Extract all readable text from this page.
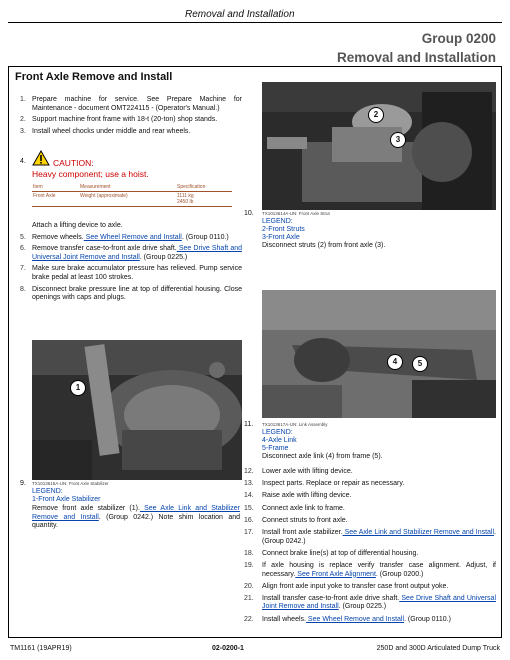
Removal and Installation
Group 0200
Removal and Installation
Front Axle Remove and Install
1. Prepare machine for service. See Prepare Machine for Maintenance - document OMT224115 - (Operator's Manual.)
2. Support machine front frame with 18-t (20-ton) shop stands.
3. Install wheel chocks under middle and rear wheels.
4.	CAUTION:
Heavy component; use a hoist.
Item	Measurement	Specification
Front Axle	Weight (approximate)	1111 kg
2450 lb
Attach a lifting device to axle.
5. Remove wheels. See Wheel Remove and Install. (Group 0110.)
6. Remove transfer case-to-front axle drive shaft. See Drive Shaft and Universal Joint Remove and Install. (Group 0225.)
7. Make sure brake accumulator pressure has relieved. Pump service brake pedal at least 100 strokes.
8. Disconnect brake pressure line at top of differential housing. Close openings with caps and plugs.
1
9. TX1013615A-UN: Front Axle Stabilizer
LEGEND:
1-Front Axle Stabilizer
Remove front axle stabilizer (1). See Axle Link and Stabilizer Remove and Install. (Group 0242.) Note shim location and quantity.
2
3
10. TX1013614A-UN: Front Axle Strut
LEGEND:
2-Front Struts
3-Front Axle
Disconnect struts (2) from front axle (3).
4	5
11. TX1013617A-UN: Link Assembly
LEGEND:
4-Axle Link
5-Frame
Disconnect axle link (4) from frame (5).
12. Lower axle with lifting device.
13. Inspect parts. Replace or repair as necessary.
14. Raise axle with lifting device.
15. Connect axle link to frame.
16. Connect struts to front axle.
17. Install front axle stabilizer. See Axle Link and Stabilizer Remove and Install. (Group 0242.)
18. Connect brake line(s) at top of differential housing.
19. If axle housing is replace verify transfer case alignment. Adjust, if necessary. See Front Axle Alignment. (Group 0200.)
20. Align front axle input yoke to transfer case front output yoke.
21. Install transfer case-to-front axle drive shaft. See Drive Shaft and Universal Joint Remove and Install. (Group 0225.)
22. Install wheels. See Wheel Remove and Install. (Group 0110.)
TM1161 (19APR19)	02-0200-1	250D and 300D Articulated Dump Truck
